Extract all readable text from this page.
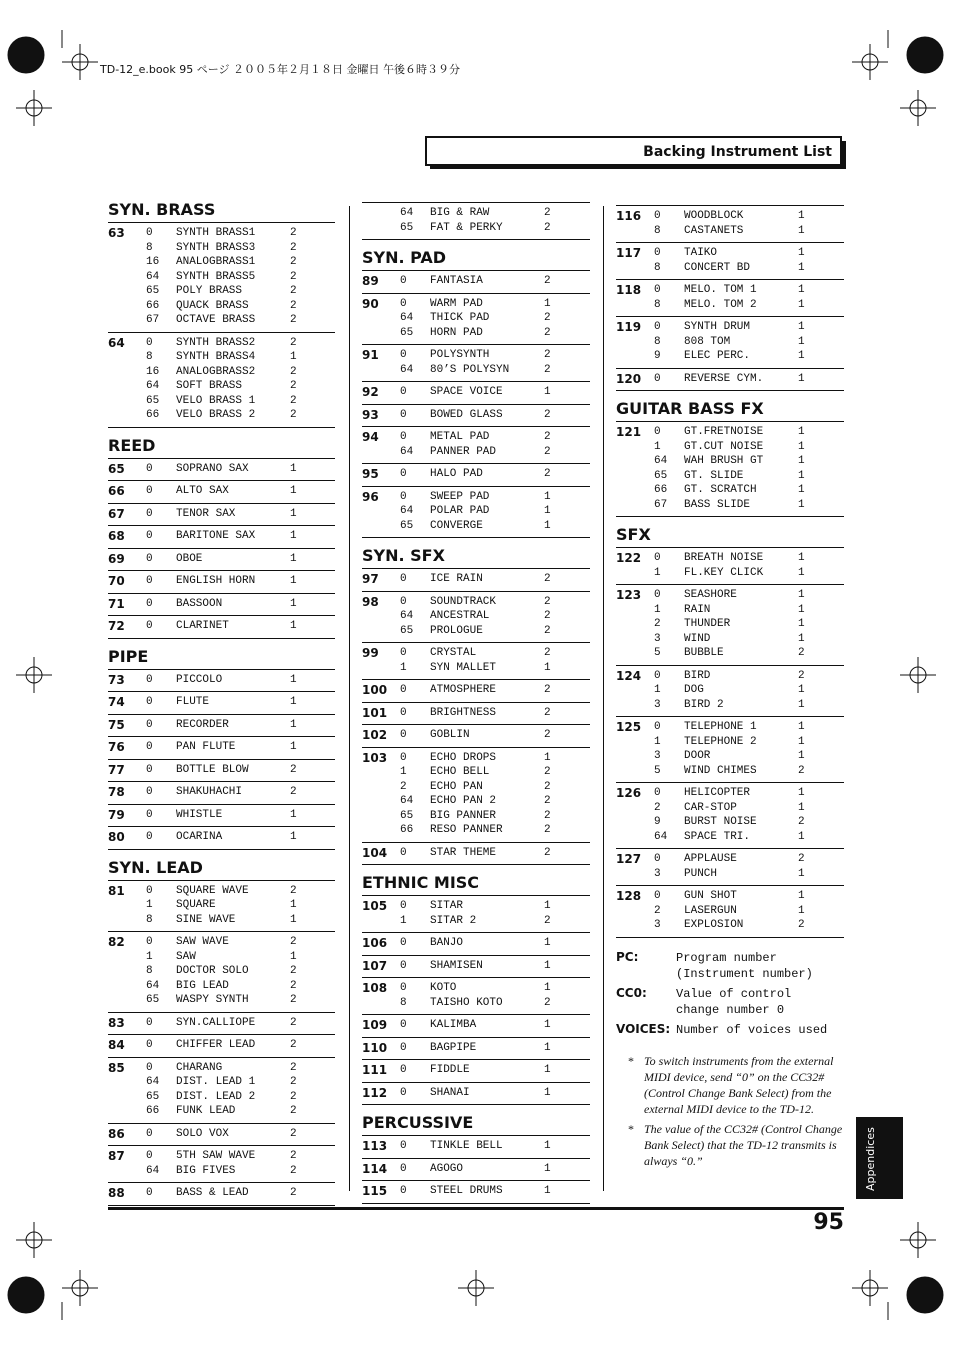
TD-12_e.book 95 ページ ２００５年２月１８日 金曜日 午後６時３９分
Backing Instrument List
SYN. BRASS
63	0	SYNTH BRASS1	2
8	SYNTH BRASS3	2
16	ANALOGBRASS1	2
64	SYNTH BRASS5	2
65	POLY BRASS	2
66	QUACK BRASS	2
67	OCTAVE BRASS	2
64	0	SYNTH BRASS2	2
8	SYNTH BRASS4	1
16	ANALOGBRASS2	2
64	SOFT BRASS	2
65	VELO BRASS 1	2
66	VELO BRASS 2	2
REED
65	0	SOPRANO SAX	1
66	0	ALTO SAX	1
67	0	TENOR SAX	1
68	0	BARITONE SAX	1
69	0	OBOE	1
70	0	ENGLISH HORN	1
71	0	BASSOON	1
72	0	CLARINET	1
PIPE
73	0	PICCOLO	1
74	0	FLUTE	1
75	0	RECORDER	1
76	0	PAN FLUTE	1
77	0	BOTTLE BLOW	2
78	0	SHAKUHACHI	2
79	0	WHISTLE	1
80	0	OCARINA	1
SYN. LEAD
81	0	SQUARE WAVE	2
1	SQUARE	1
8	SINE WAVE	1
82	0	SAW WAVE	2
1	SAW	1
8	DOCTOR SOLO	2
64	BIG LEAD	2
65	WASPY SYNTH	2
83	0	SYN.CALLIOPE	2
84	0	CHIFFER LEAD	2
85	0	CHARANG	2
64	DIST. LEAD 1	2
65	DIST. LEAD 2	2
66	FUNK LEAD	2
86	0	SOLO VOX	2
87	0	5TH SAW WAVE	2
64	BIG FIVES	2
88	0	BASS & LEAD	2
64	BIG & RAW	2
65	FAT & PERKY	2
SYN. PAD
89	0	FANTASIA	2
90	0	WARM PAD	1
64	THICK PAD	2
65	HORN PAD	2
91	0	POLYSYNTH	2
64	80’S POLYSYN	2
92	0	SPACE VOICE	1
93	0	BOWED GLASS	2
94	0	METAL PAD	2
64	PANNER PAD	2
95	0	HALO PAD	2
96	0	SWEEP PAD	1
64	POLAR PAD	1
65	CONVERGE	1
SYN. SFX
97	0	ICE RAIN	2
98	0	SOUNDTRACK	2
64	ANCESTRAL	2
65	PROLOGUE	2
99	0	CRYSTAL	2
1	SYN MALLET	1
100	0	ATMOSPHERE	2
101	0	BRIGHTNESS	2
102	0	GOBLIN	2
103	0	ECHO DROPS	1
1	ECHO BELL	2
2	ECHO PAN	2
64	ECHO PAN 2	2
65	BIG PANNER	2
66	RESO PANNER	2
104	0	STAR THEME	2
ETHNIC MISC
105	0	SITAR	1
1	SITAR 2	2
106	0	BANJO	1
107	0	SHAMISEN	1
108	0	KOTO	1
8	TAISHO KOTO	2
109	0	KALIMBA	1
110	0	BAGPIPE	1
111	0	FIDDLE	1
112	0	SHANAI	1
PERCUSSIVE
113	0	TINKLE BELL	1
114	0	AGOGO	1
115	0	STEEL DRUMS	1
116	0	WOODBLOCK	1
8	CASTANETS	1
117	0	TAIKO	1
8	CONCERT BD	1
118	0	MELO. TOM 1	1
8	MELO. TOM 2	1
119	0	SYNTH DRUM	1
8	808 TOM	1
9	ELEC PERC.	1
120	0	REVERSE CYM.	1
GUITAR BASS FX
121	0	GT.FRETNOISE	1
1	GT.CUT NOISE	1
64	WAH BRUSH GT	1
65	GT. SLIDE	1
66	GT. SCRATCH	1
67	BASS SLIDE	1
SFX
122	0	BREATH NOISE	1
1	FL.KEY CLICK	1
123	0	SEASHORE	1
1	RAIN	1
2	THUNDER	1
3	WIND	1
5	BUBBLE	2
124	0	BIRD	2
1	DOG	1
3	BIRD 2	1
125	0	TELEPHONE 1	1
1	TELEPHONE 2	1
3	DOOR	1
5	WIND CHIMES	2
126	0	HELICOPTER	1
2	CAR-STOP	1
9	BURST NOISE	2
64	SPACE TRI.	1
127	0	APPLAUSE	2
3	PUNCH	1
128	0	GUN SHOT	1
2	LASERGUN	1
3	EXPLOSION	2
PC:	Program number (Instrument number)
CC0:	Value of control change number 0
VOICES: Number of voices used
* To switch instruments from the external MIDI device, send “0” on the CC32# (Control Change Bank Select) from the external MIDI device to the TD-12.
* The value of the CC32# (Control Change Bank Select) that the TD-12 transmits is always “0.”	Appendices
95
